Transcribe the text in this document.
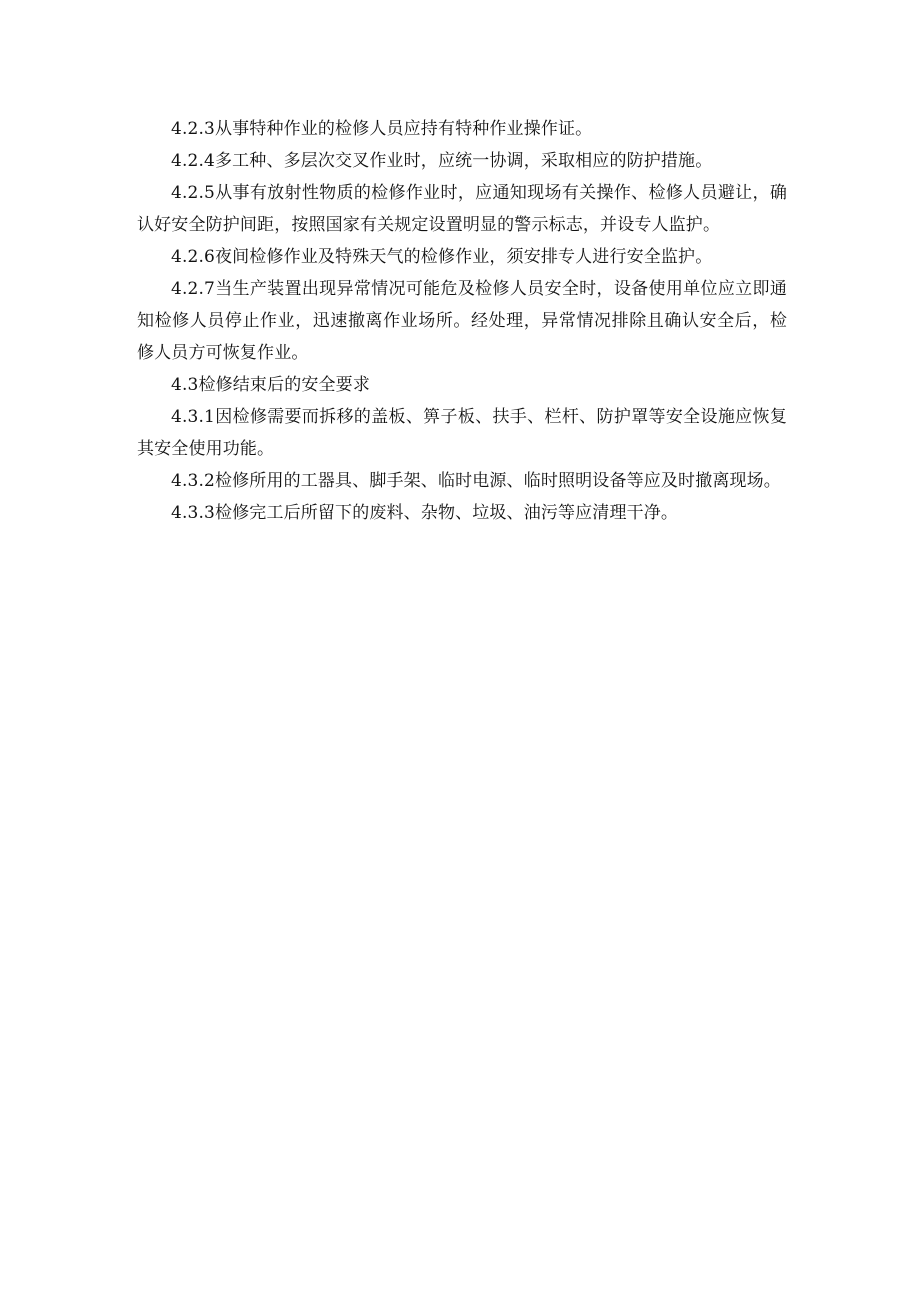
4.2.3从事特种作业的检修人员应持有特种作业操作证。

4.2.4多工种、多层次交叉作业时，应统一协调，采取相应的防护措施。

4.2.5从事有放射性物质的检修作业时，应通知现场有关操作、检修人员避让，确认好安全防护间距，按照国家有关规定设置明显的警示标志，并设专人监护。

4.2.6夜间检修作业及特殊天气的检修作业，须安排专人进行安全监护。

4.2.7当生产装置出现异常情况可能危及检修人员安全时，设备使用单位应立即通知检修人员停止作业，迅速撤离作业场所。经处理，异常情况排除且确认安全后，检修人员方可恢复作业。

4.3检修结束后的安全要求

4.3.1因检修需要而拆移的盖板、箅子板、扶手、栏杆、防护罩等安全设施应恢复其安全使用功能。

4.3.2检修所用的工器具、脚手架、临时电源、临时照明设备等应及时撤离现场。

4.3.3检修完工后所留下的废料、杂物、垃圾、油污等应清理干净。
